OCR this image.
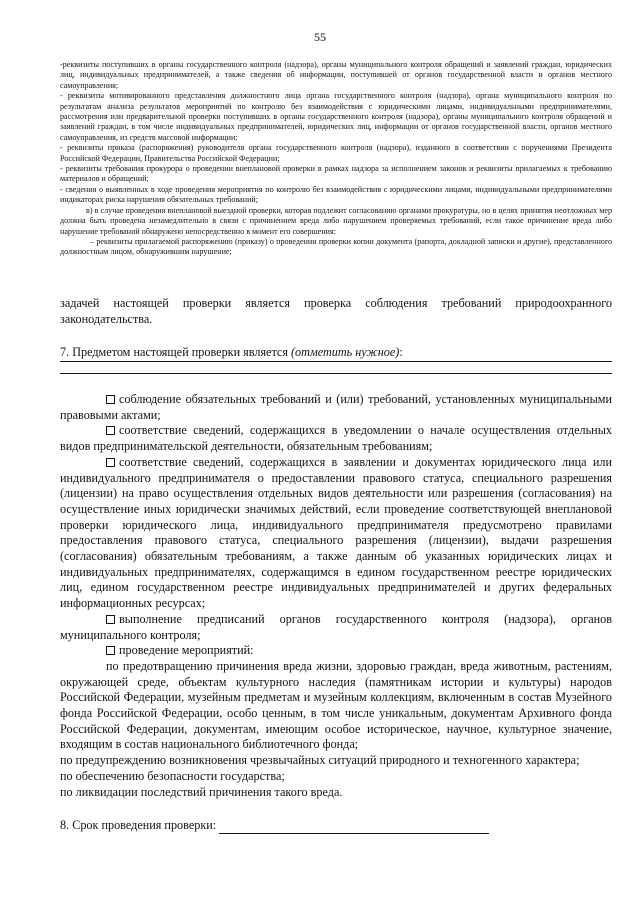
55

-реквизиты поступивших в органы государственного контроля (надзора), органы муниципального контроля обращений и заявлений граждан, юридических лиц, индивидуальных предпринимателей, а также сведения об информации, поступившей от органов государственной власти и органов местного самоуправления;

- реквизиты мотивированного представления должностного лица органа государственного контроля (надзора), органа муниципального контроля по результатам анализа результатов мероприятий по контролю без взаимодействия с юридическими лицами, индивидуальными предпринимателями, рассмотрения или предварительной проверки поступивших в органы государственного контроля (надзора), органы муниципального контроля обращений и заявлений граждан, в том числе индивидуальных предпринимателей, юридических лиц, информации от органов государственной власти, органов местного самоуправления, из средств массовой информации;

- реквизиты приказа (распоряжения) руководителя органа государственного контроля (надзора), изданного в соответствии с поручениями Президента Российской Федерации, Правительства Российской Федерации;

- реквизиты требования прокурора о проведении внеплановой проверки в рамках надзора за исполнением законов и реквизиты прилагаемых к требованию материалов и обращений;

- сведения о выявленных в ходе проведения мероприятия по контролю без взаимодействия с юридическими лицами, индивидуальными предпринимателями индикаторах риска нарушения обязательных требований;

в) в случае проведения внеплановой выездной проверки, которая подлежит согласованию органами прокуратуры, но в целях принятия неотложных мер должна быть проведена незамедлительно в связи с причинением вреда либо нарушением проверяемых требований, если такое причинение вреда либо нарушение требований обнаружено непосредственно в момент его совершения:

– реквизиты прилагаемой распоряжению (приказу) о проведении проверки копии документа (рапорта, докладной записки и другие), представленного должностным лицом, обнаружившим нарушение;

задачей настоящей проверки является проверка соблюдения требований природоохранного законодательства.

7. Предметом настоящей проверки является (отметить нужное):

соблюдение обязательных требований и (или) требований, установленных муниципальными правовыми актами;

соответствие сведений, содержащихся в уведомлении о начале осуществления отдельных видов предпринимательской деятельности, обязательным требованиям;

соответствие сведений, содержащихся в заявлении и документах юридического лица или индивидуального предпринимателя о предоставлении правового статуса, специального разрешения (лицензии) на право осуществления отдельных видов деятельности или разрешения (согласования) на осуществление иных юридически значимых действий, если проведение соответствующей внеплановой проверки юридического лица, индивидуального предпринимателя предусмотрено правилами предоставления правового статуса, специального разрешения (лицензии), выдачи разрешения (согласования) обязательным требованиям, а также данным об указанных юридических лицах и индивидуальных предпринимателях, содержащимся в едином государственном реестре юридических лиц, едином государственном реестре индивидуальных предпринимателей и других федеральных информационных ресурсах;

выполнение предписаний органов государственного контроля (надзора), органов муниципального контроля;

проведение мероприятий:

по предотвращению причинения вреда жизни, здоровью граждан, вреда животным, растениям, окружающей среде, объектам культурного наследия (памятникам истории и культуры) народов Российской Федерации, музейным предметам и музейным коллекциям, включенным в состав Музейного фонда Российской Федерации, особо ценным, в том числе уникальным, документам Архивного фонда Российской Федерации, документам, имеющим особое историческое, научное, культурное значение, входящим в состав национального библиотечного фонда;

по предупреждению возникновения чрезвычайных ситуаций природного и техногенного характера;

по обеспечению безопасности государства;

по ликвидации последствий причинения такого вреда.

8. Срок проведения проверки:
